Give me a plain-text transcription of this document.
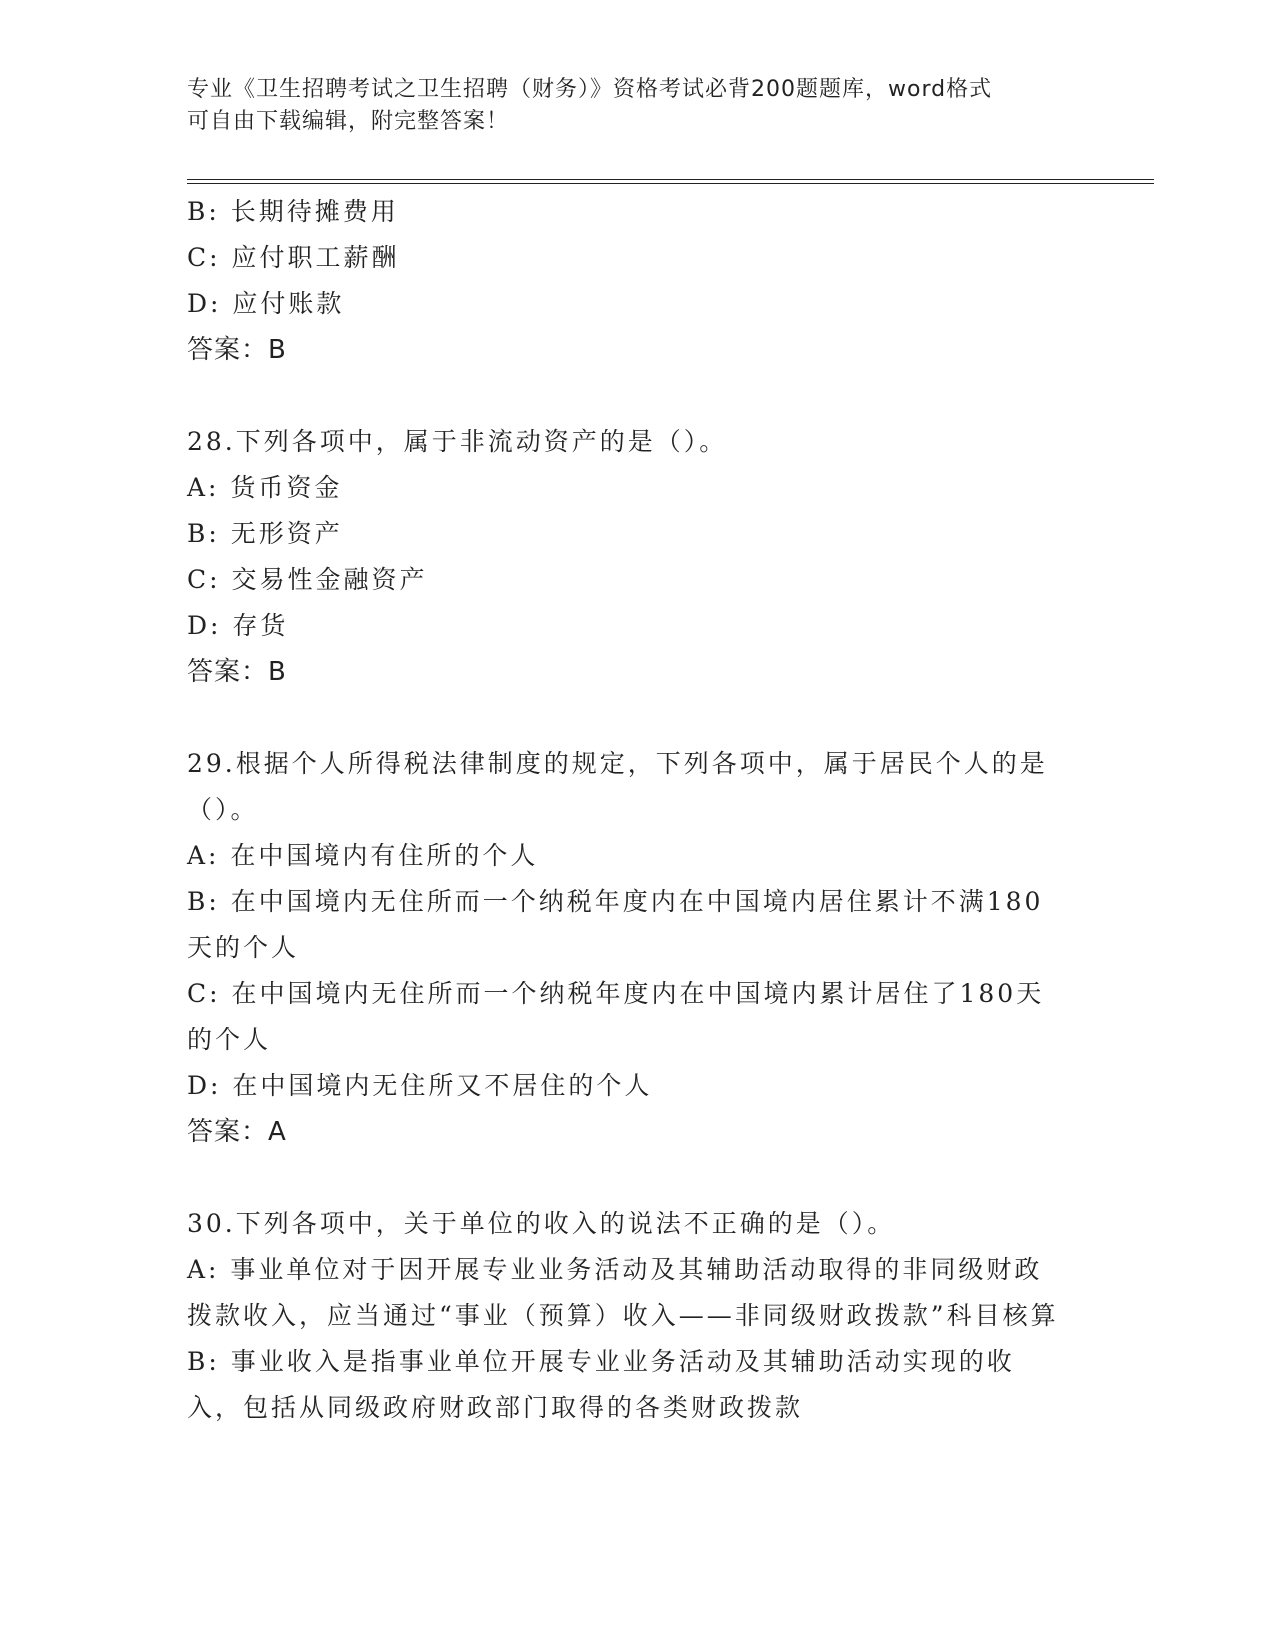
专业《卫生招聘考试之卫生招聘（财务）》资格考试必背200题题库，word格式
可自由下载编辑，附完整答案！
B: 长期待摊费用
C: 应付职工薪酬
D: 应付账款
答案：B
28.下列各项中，属于非流动资产的是（）。
A: 货币资金
B: 无形资产
C: 交易性金融资产
D: 存货
答案：B
29.根据个人所得税法律制度的规定，下列各项中，属于居民个人的是（）。
A: 在中国境内有住所的个人
B: 在中国境内无住所而一个纳税年度内在中国境内居住累计不满180天的个人
C: 在中国境内无住所而一个纳税年度内在中国境内累计居住了180天的个人
D: 在中国境内无住所又不居住的个人
答案：A
30.下列各项中，关于单位的收入的说法不正确的是（）。
A: 事业单位对于因开展专业业务活动及其辅助活动取得的非同级财政拨款收入，应当通过“事业（预算）收入——非同级财政拨款”科目核算
B: 事业收入是指事业单位开展专业业务活动及其辅助活动实现的收入，包括从同级政府财政部门取得的各类财政拨款
